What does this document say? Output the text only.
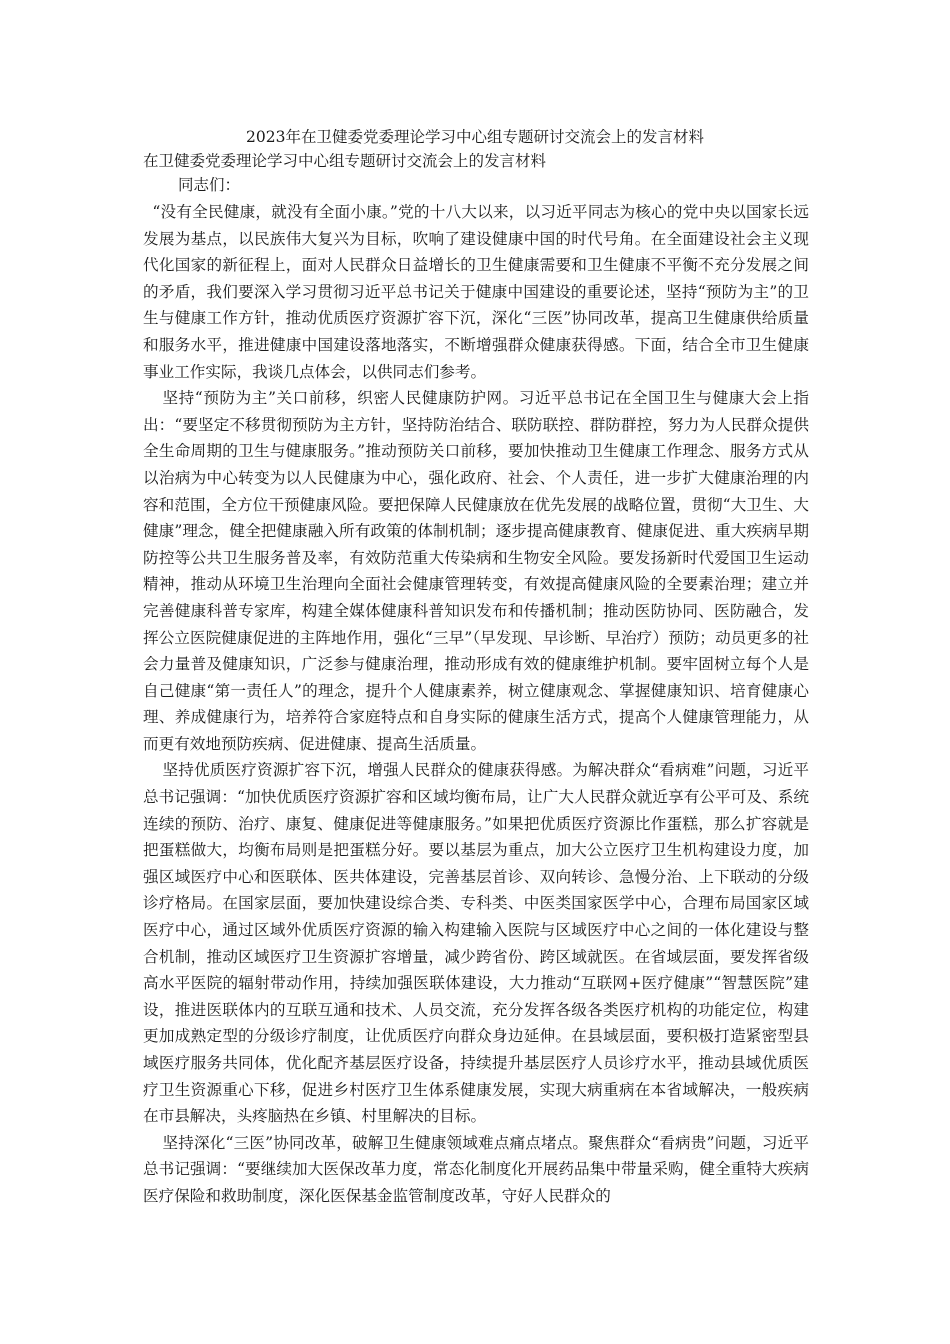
2023年在卫健委党委理论学习中心组专题研讨交流会上的发言材料
在卫健委党委理论学习中心组专题研讨交流会上的发言材料
同志们：

“没有全民健康，就没有全面小康。”党的十八大以来，以习近平同志为核心的党中央以国家长远发展为基点，以民族伟大复兴为目标，吹响了建设健康中国的时代号角。在全面建设社会主义现代化国家的新征程上，面对人民群众日益增长的卫生健康需要和卫生健康不平衡不充分发展之间的矛盾，我们要深入学习贯彻习近平总书记关于健康中国建设的重要论述，坚持“预防为主”的卫生与健康工作方针，推动优质医疗资源扩容下沉，深化“三医”协同改革，提高卫生健康供给质量和服务水平，推进健康中国建设落地落实，不断增强群众健康获得感。下面，结合全市卫生健康事业工作实际，我谈几点体会，以供同志们参考。

坚持“预防为主”关口前移，织密人民健康防护网。习近平总书记在全国卫生与健康大会上指出：“要坚定不移贯彻预防为主方针，坚持防治结合、联防联控、群防群控，努力为人民群众提供全生命周期的卫生与健康服务。”推动预防关口前移，要加快推动卫生健康工作理念、服务方式从以治病为中心转变为以人民健康为中心，强化政府、社会、个人责任，进一步扩大健康治理的内容和范围，全方位干预健康风险。要把保障人民健康放在优先发展的战略位置，贯彻“大卫生、大健康”理念，健全把健康融入所有政策的体制机制；逐步提高健康教育、健康促进、重大疾病早期防控等公共卫生服务普及率，有效防范重大传染病和生物安全风险。要发扬新时代爱国卫生运动精神，推动从环境卫生治理向全面社会健康管理转变，有效提高健康风险的全要素治理；建立并完善健康科普专家库，构建全媒体健康科普知识发布和传播机制；推动医防协同、医防融合，发挥公立医院健康促进的主阵地作用，强化“三早”（早发现、早诊断、早治疗）预防；动员更多的社会力量普及健康知识，广泛参与健康治理，推动形成有效的健康维护机制。要牢固树立每个人是自己健康“第一责任人”的理念，提升个人健康素养，树立健康观念、掌握健康知识、培育健康心理、养成健康行为，培养符合家庭特点和自身实际的健康生活方式，提高个人健康管理能力，从而更有效地预防疾病、促进健康、提高生活质量。

坚持优质医疗资源扩容下沉，增强人民群众的健康获得感。为解决群众“看病难”问题，习近平总书记强调：“加快优质医疗资源扩容和区域均衡布局，让广大人民群众就近享有公平可及、系统连续的预防、治疗、康复、健康促进等健康服务。”如果把优质医疗资源比作蛋糕，那么扩容就是把蛋糕做大，均衡布局则是把蛋糕分好。要以基层为重点，加大公立医疗卫生机构建设力度，加强区域医疗中心和医联体、医共体建设，完善基层首诊、双向转诊、急慢分治、上下联动的分级诊疗格局。在国家层面，要加快建设综合类、专科类、中医类国家医学中心，合理布局国家区域医疗中心，通过区域外优质医疗资源的输入构建输入医院与区域医疗中心之间的一体化建设与整合机制，推动区域医疗卫生资源扩容增量，减少跨省份、跨区域就医。在省域层面，要发挥省级高水平医院的辐射带动作用，持续加强医联体建设，大力推动“互联网+医疗健康”“智慧医院”建设，推进医联体内的互联互通和技术、人员交流，充分发挥各级各类医疗机构的功能定位，构建更加成熟定型的分级诊疗制度，让优质医疗向群众身边延伸。在县域层面，要积极打造紧密型县域医疗服务共同体，优化配齐基层医疗设备，持续提升基层医疗人员诊疗水平，推动县域优质医疗卫生资源重心下移，促进乡村医疗卫生体系健康发展，实现大病重病在本省域解决，一般疾病在市县解决，头疼脑热在乡镇、村里解决的目标。

坚持深化“三医”协同改革，破解卫生健康领域难点痛点堵点。聚焦群众“看病贵”问题，习近平总书记强调：“要继续加大医保改革力度，常态化制度化开展药品集中带量采购，健全重特大疾病医疗保险和救助制度，深化医保基金监管制度改革，守好人民群众的
